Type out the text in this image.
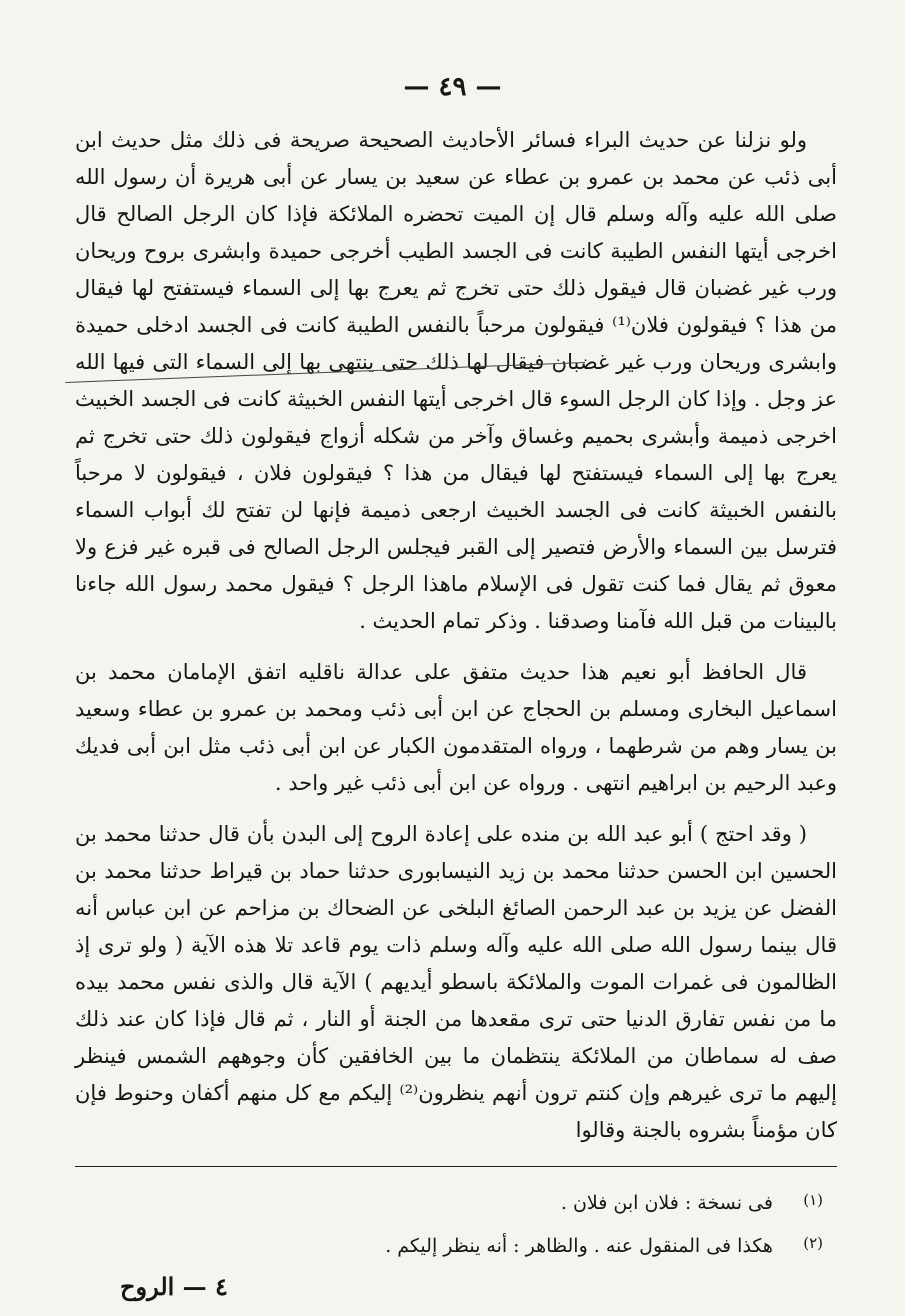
— ٤٩ —

ولو نزلنا عن حديث البراء فسائر الأحاديث الصحيحة صريحة فى ذلك مثل حديث ابن أبى ذئب عن محمد بن عمرو بن عطاء عن سعيد بن يسار عن أبى هريرة أن رسول الله صلى الله عليه وآله وسلم قال إن الميت تحضره الملائكة فإذا كان الرجل الصالح قال اخرجى أيتها النفس الطيبة كانت فى الجسد الطيب أخرجى حميدة وابشرى بروح وريحان ورب غير غضبان قال فيقول ذلك حتى تخرج ثم يعرج بها إلى السماء فيستفتح لها فيقال من هذا ؟ فيقولون فلان⁽¹⁾ فيقولون مرحباً بالنفس الطيبة كانت فى الجسد ادخلى حميدة وابشرى وريحان ورب غير غضبان فيقال لها ذلك حتى ينتهى بها إلى السماء التى فيها الله عز وجل . وإذا كان الرجل السوء قال اخرجى أيتها النفس الخبيثة كانت فى الجسد الخبيث اخرجى ذميمة وأبشرى بحميم وغساق وآخر من شكله أزواج فيقولون ذلك حتى تخرج ثم يعرج بها إلى السماء فيستفتح لها فيقال من هذا ؟ فيقولون فلان ، فيقولون لا مرحباً بالنفس الخبيثة كانت فى الجسد الخبيث ارجعى ذميمة فإنها لن تفتح لك أبواب السماء فترسل بين السماء والأرض فتصير إلى القبر فيجلس الرجل الصالح فى قبره غير فزع ولا معوق ثم يقال فما كنت تقول فى الإسلام ماهذا الرجل ؟ فيقول محمد رسول الله جاءنا بالبينات من قبل الله فآمنا وصدقنا . وذكر تمام الحديث .

قال الحافظ أبو نعيم هذا حديث متفق على عدالة ناقليه اتفق الإمامان محمد بن اسماعيل البخارى ومسلم بن الحجاج عن ابن أبى ذئب ومحمد بن عمرو بن عطاء وسعيد بن يسار وهم من شرطهما ، ورواه المتقدمون الكبار عن ابن أبى ذئب مثل ابن أبى فديك وعبد الرحيم بن ابراهيم انتهى . ورواه عن ابن أبى ذئب غير واحد .

( وقد احتج ) أبو عبد الله بن منده على إعادة الروح إلى البدن بأن قال حدثنا محمد بن الحسين ابن الحسن حدثنا محمد بن زيد النيسابورى حدثنا حماد بن قيراط حدثنا محمد بن الفضل عن يزيد بن عبد الرحمن الصائغ البلخى عن الضحاك بن مزاحم عن ابن عباس أنه قال بينما رسول الله صلى الله عليه وآله وسلم ذات يوم قاعد تلا هذه الآية ( ولو ترى إذ الظالمون فى غمرات الموت والملائكة باسطو أيديهم ) الآية قال والذى نفس محمد بيده ما من نفس تفارق الدنيا حتى ترى مقعدها من الجنة أو النار ، ثم قال فإذا كان عند ذلك صف له سماطان من الملائكة ينتظمان ما بين الخافقين كأن وجوههم الشمس فينظر إليهم ما ترى غيرهم وإن كنتم ترون أنهم ينظرون⁽²⁾ إليكم مع كل منهم أكفان وحنوط فإن كان مؤمناً بشروه بالجنة وقالوا

(١) فى نسخة : فلان ابن فلان .
(٢) هكذا فى المنقول عنه . والظاهر : أنه ينظر إليكم .
٤ — الروح
